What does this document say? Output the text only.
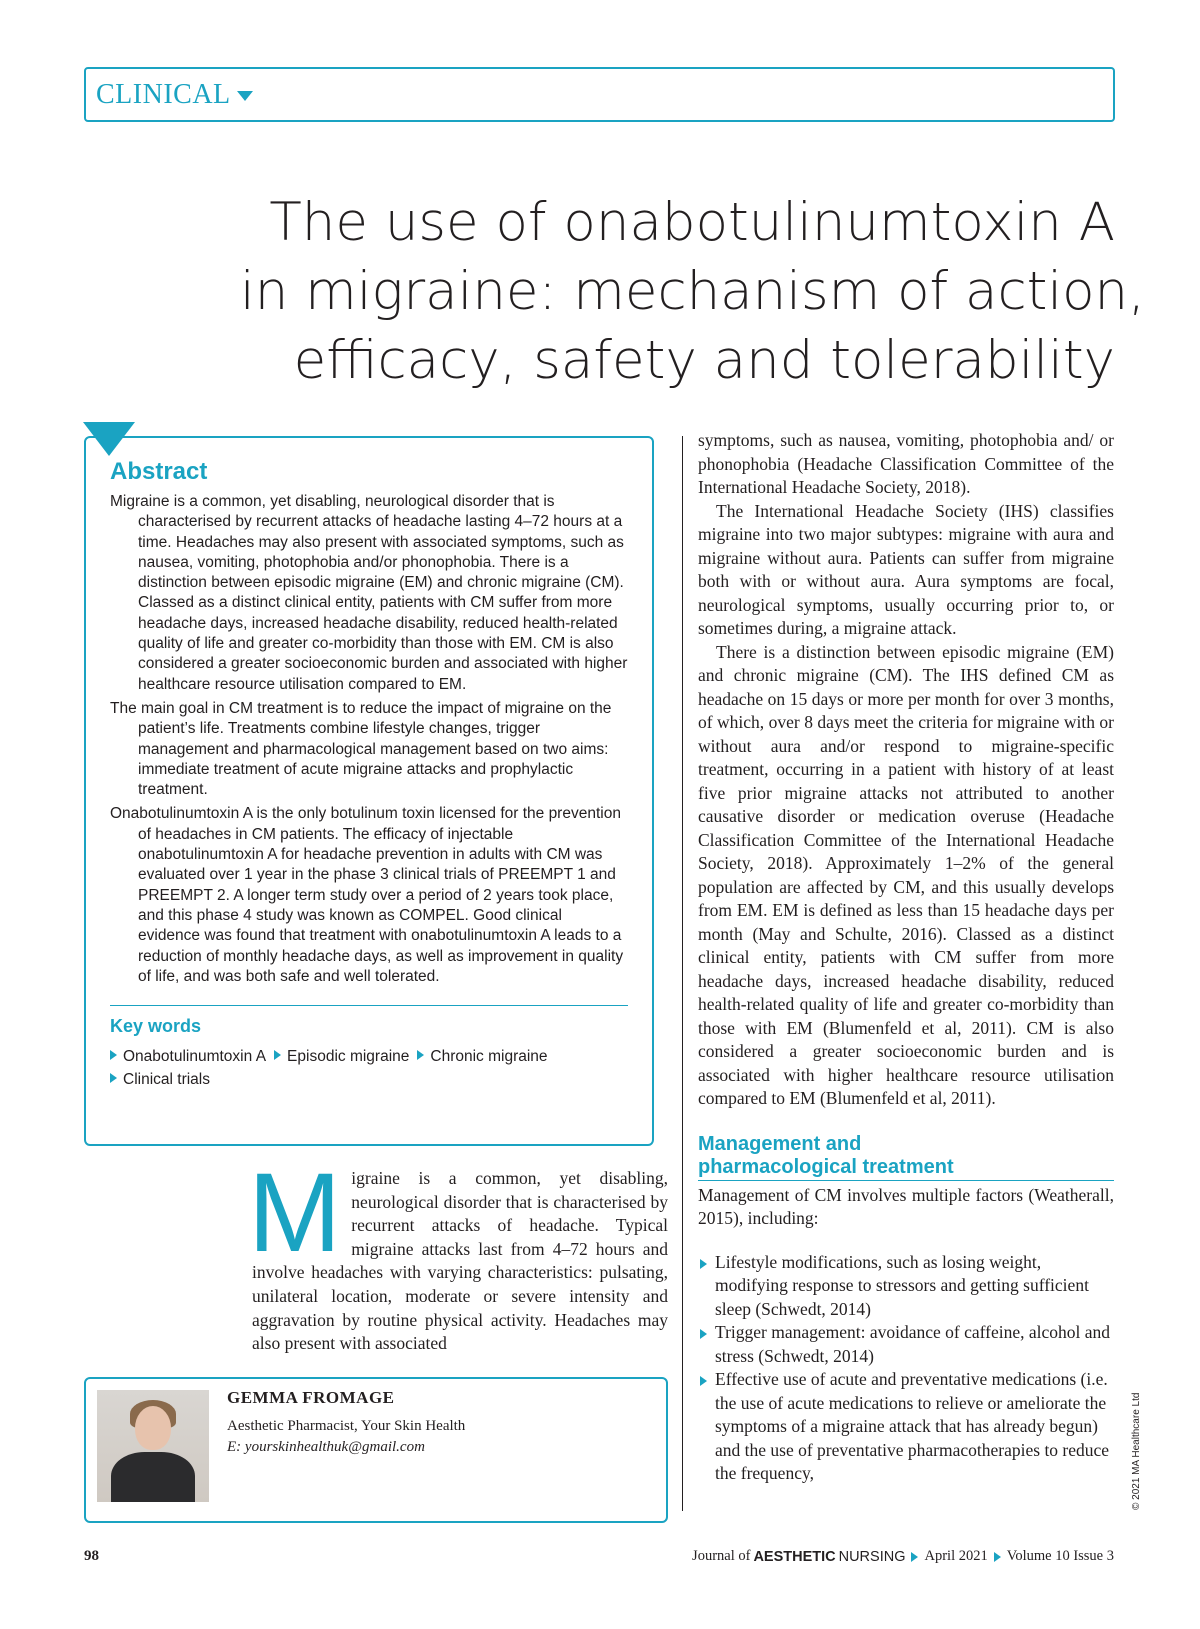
CLINICAL
The use of onabotulinumtoxin A
in migraine: mechanism of action,
efficacy, safety and tolerability
Abstract
Migraine is a common, yet disabling, neurological disorder that is characterised by recurrent attacks of headache lasting 4–72 hours at a time. Headaches may also present with associated symptoms, such as nausea, vomiting, photophobia and/or phonophobia. There is a distinction between episodic migraine (EM) and chronic migraine (CM). Classed as a distinct clinical entity, patients with CM suffer from more headache days, increased headache disability, reduced health-related quality of life and greater co-morbidity than those with EM. CM is also considered a greater socioeconomic burden and associated with higher healthcare resource utilisation compared to EM.
The main goal in CM treatment is to reduce the impact of migraine on the patient’s life. Treatments combine lifestyle changes, trigger management and pharmacological management based on two aims: immediate treatment of acute migraine attacks and prophylactic treatment.
Onabotulinumtoxin A is the only botulinum toxin licensed for the prevention of headaches in CM patients. The efficacy of injectable onabotulinumtoxin A for headache prevention in adults with CM was evaluated over 1 year in the phase 3 clinical trials of PREEMPT 1 and PREEMPT 2. A longer term study over a period of 2 years took place, and this phase 4 study was known as COMPEL. Good clinical evidence was found that treatment with onabotulinumtoxin A leads to a reduction of monthly headache days, as well as improvement in quality of life, and was both safe and well tolerated.
Key words
Onabotulinumtoxin A Episodic migraine Chronic migraine
Clinical trials
Migraine is a common, yet disabling, neurological disorder that is characterised by recurrent attacks of headache. Typical migraine attacks last from 4–72 hours and involve headaches with varying characteristics: pulsating, unilateral location, moderate or severe intensity and aggravation by routine physical activity. Headaches may also present with associated
GEMMA FROMAGE
Aesthetic Pharmacist, Your Skin Health
E: yourskinhealthuk@gmail.com

symptoms, such as nausea, vomiting, photophobia and/ or phonophobia (Headache Classification Committee of the International Headache Society, 2018).

The International Headache Society (IHS) classifies migraine into two major subtypes: migraine with aura and migraine without aura. Patients can suffer from migraine both with or without aura. Aura symptoms are focal, neurological symptoms, usually occurring prior to, or sometimes during, a migraine attack.

There is a distinction between episodic migraine (EM) and chronic migraine (CM). The IHS defined CM as headache on 15 days or more per month for over 3 months, of which, over 8 days meet the criteria for migraine with or without aura and/or respond to migraine-specific treatment, occurring in a patient with history of at least five prior migraine attacks not attributed to another causative disorder or medication overuse (Headache Classification Committee of the International Headache Society, 2018). Approximately 1–2% of the general population are affected by CM, and this usually develops from EM. EM is defined as less than 15 headache days per month (May and Schulte, 2016). Classed as a distinct clinical entity, patients with CM suffer from more headache days, increased headache disability, reduced health-related quality of life and greater co-morbidity than those with EM (Blumenfeld et al, 2011). CM is also considered a greater socioeconomic burden and is associated with higher healthcare resource utilisation compared to EM (Blumenfeld et al, 2011).

Management and
pharmacological treatment

Management of CM involves multiple factors (Weatherall, 2015), including:

Lifestyle modifications, such as losing weight, modifying response to stressors and getting sufficient sleep (Schwedt, 2014)
Trigger management: avoidance of caffeine, alcohol and stress (Schwedt, 2014)
Effective use of acute and preventative medications (i.e. the use of acute medications to relieve or ameliorate the symptoms of a migraine attack that has already begun) and the use of preventative pharmacotherapies to reduce the frequency,	© 2021 MA Healthcare Ltd
98	Journal of AESTHETIC NURSING April 2021 Volume 10 Issue 3
